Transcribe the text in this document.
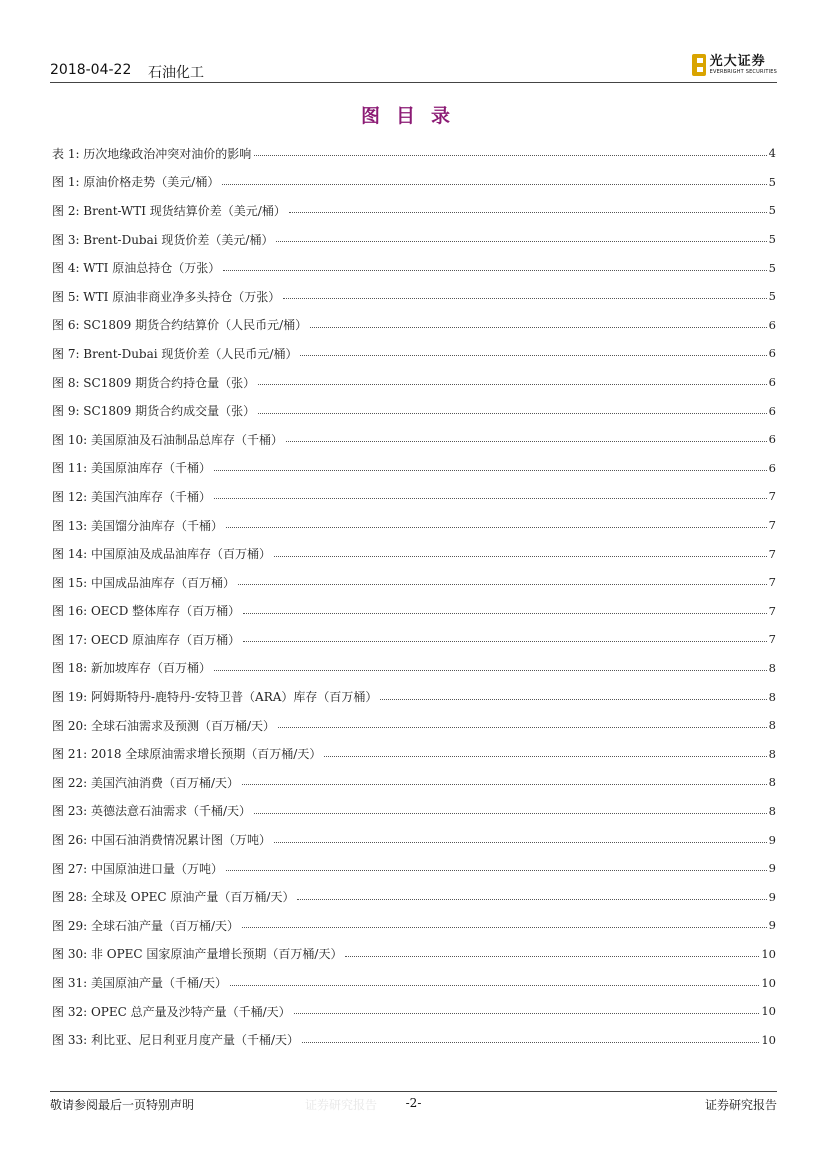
2018-04-22 石油化工
光大证券
EVERBRIGHT SECURITIES
图目录
表 1: 历次地缘政治冲突对油价的影响	4
图 1: 原油价格走势（美元/桶）	5
图 2: Brent-WTI 现货结算价差（美元/桶）	5
图 3: Brent-Dubai 现货价差（美元/桶）	5
图 4: WTI 原油总持仓（万张）	5
图 5: WTI 原油非商业净多头持仓（万张）	5
图 6: SC1809 期货合约结算价（人民币元/桶）	6
图 7: Brent-Dubai 现货价差（人民币元/桶）	6
图 8: SC1809 期货合约持仓量（张）	6
图 9: SC1809 期货合约成交量（张）	6
图 10: 美国原油及石油制品总库存（千桶）	6
图 11: 美国原油库存（千桶）	6
图 12: 美国汽油库存（千桶）	7
图 13: 美国馏分油库存（千桶）	7
图 14: 中国原油及成品油库存（百万桶）	7
图 15: 中国成品油库存（百万桶）	7
图 16: OECD 整体库存（百万桶）	7
图 17: OECD 原油库存（百万桶）	7
图 18: 新加坡库存（百万桶）	8
图 19: 阿姆斯特丹-鹿特丹-安特卫普（ARA）库存（百万桶）	8
图 20: 全球石油需求及预测（百万桶/天）	8
图 21: 2018 全球原油需求增长预期（百万桶/天）	8
图 22: 美国汽油消费（百万桶/天）	8
图 23: 英德法意石油需求（千桶/天）	8
图 26: 中国石油消费情况累计图（万吨）	9
图 27: 中国原油进口量（万吨）	9
图 28: 全球及 OPEC 原油产量（百万桶/天）	9
图 29: 全球石油产量（百万桶/天）	9
图 30: 非 OPEC 国家原油产量增长预期（百万桶/天）	10
图 31: 美国原油产量（千桶/天）	10
图 32: OPEC 总产量及沙特产量（千桶/天）	10
图 33: 利比亚、尼日利亚月度产量（千桶/天）	10
敬请参阅最后一页特别声明	证券研究报告	-2-	证券研究报告
